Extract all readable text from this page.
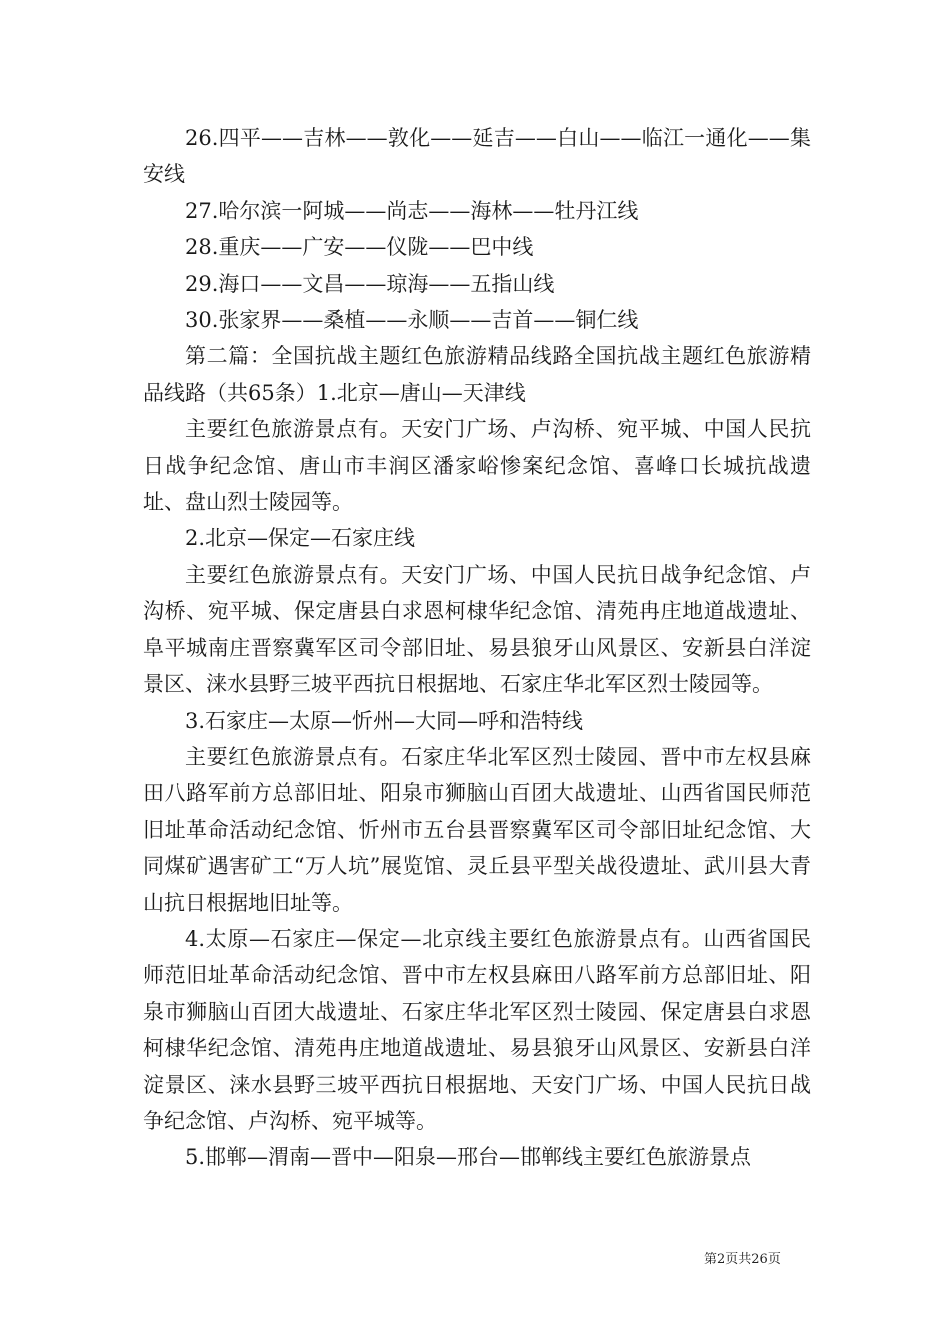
26.四平——吉林——敦化——延吉——白山——临江一通化——集安线

27.哈尔滨一阿城——尚志——海林——牡丹江线

28.重庆——广安——仪陇——巴中线

29.海口——文昌——琼海——五指山线

30.张家界——桑植——永顺——吉首——铜仁线

第二篇：全国抗战主题红色旅游精品线路全国抗战主题红色旅游精品线路（共65条）1.北京—唐山—天津线

主要红色旅游景点有。天安门广场、卢沟桥、宛平城、中国人民抗日战争纪念馆、唐山市丰润区潘家峪惨案纪念馆、喜峰口长城抗战遗址、盘山烈士陵园等。

2.北京—保定—石家庄线

主要红色旅游景点有。天安门广场、中国人民抗日战争纪念馆、卢沟桥、宛平城、保定唐县白求恩柯棣华纪念馆、清苑冉庄地道战遗址、阜平城南庄晋察冀军区司令部旧址、易县狼牙山风景区、安新县白洋淀景区、涞水县野三坡平西抗日根据地、石家庄华北军区烈士陵园等。

3.石家庄—太原—忻州—大同—呼和浩特线

主要红色旅游景点有。石家庄华北军区烈士陵园、晋中市左权县麻田八路军前方总部旧址、阳泉市狮脑山百团大战遗址、山西省国民师范旧址革命活动纪念馆、忻州市五台县晋察冀军区司令部旧址纪念馆、大同煤矿遇害矿工“万人坑”展览馆、灵丘县平型关战役遗址、武川县大青山抗日根据地旧址等。

4.太原—石家庄—保定—北京线主要红色旅游景点有。山西省国民师范旧址革命活动纪念馆、晋中市左权县麻田八路军前方总部旧址、阳泉市狮脑山百团大战遗址、石家庄华北军区烈士陵园、保定唐县白求恩柯棣华纪念馆、清苑冉庄地道战遗址、易县狼牙山风景区、安新县白洋淀景区、涞水县野三坡平西抗日根据地、天安门广场、中国人民抗日战争纪念馆、卢沟桥、宛平城等。

5.邯郸—渭南—晋中—阳泉—邢台—邯郸线主要红色旅游景点

第2页共26页
